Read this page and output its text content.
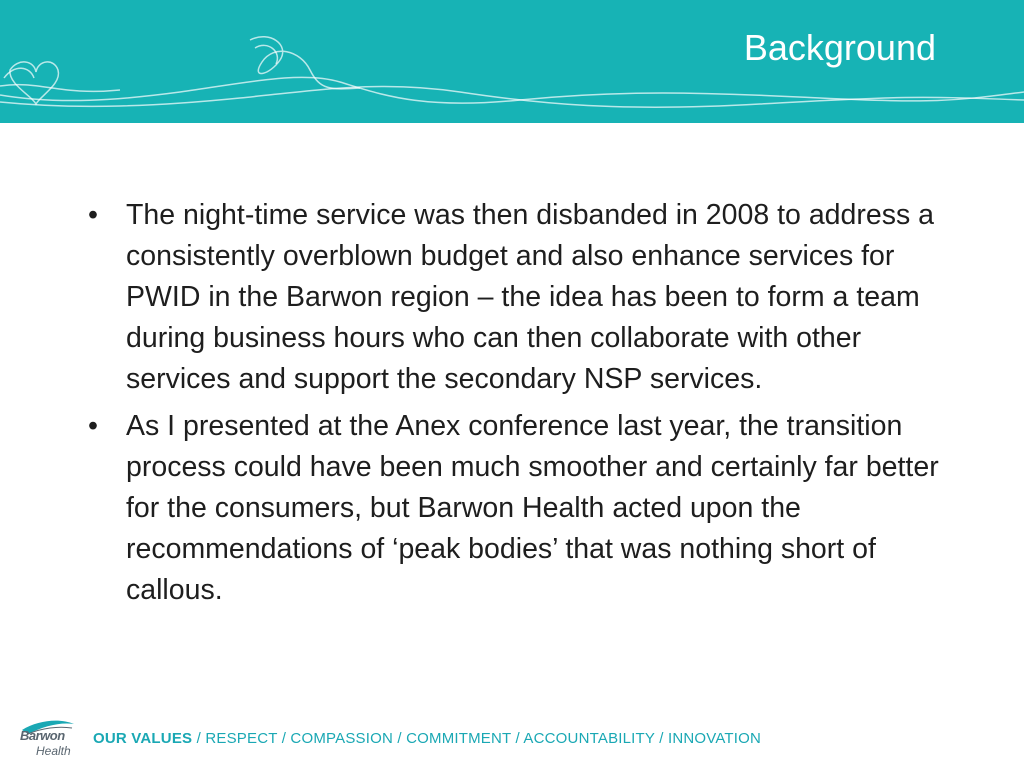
Background
• The night-time service was then disbanded in 2008 to address a consistently overblown budget and also enhance services for PWID in the Barwon region – the idea has been to form a team during business hours who can then collaborate with other services and support the secondary NSP services.
• As I presented at the Anex conference last year, the transition process could have been much smoother and certainly far better for the consumers, but Barwon Health acted upon the recommendations of ‘peak bodies’ that was nothing short of callous.
Barwon
Health
OUR VALUES / RESPECT / COMPASSION / COMMITMENT / ACCOUNTABILITY / INNOVATION
